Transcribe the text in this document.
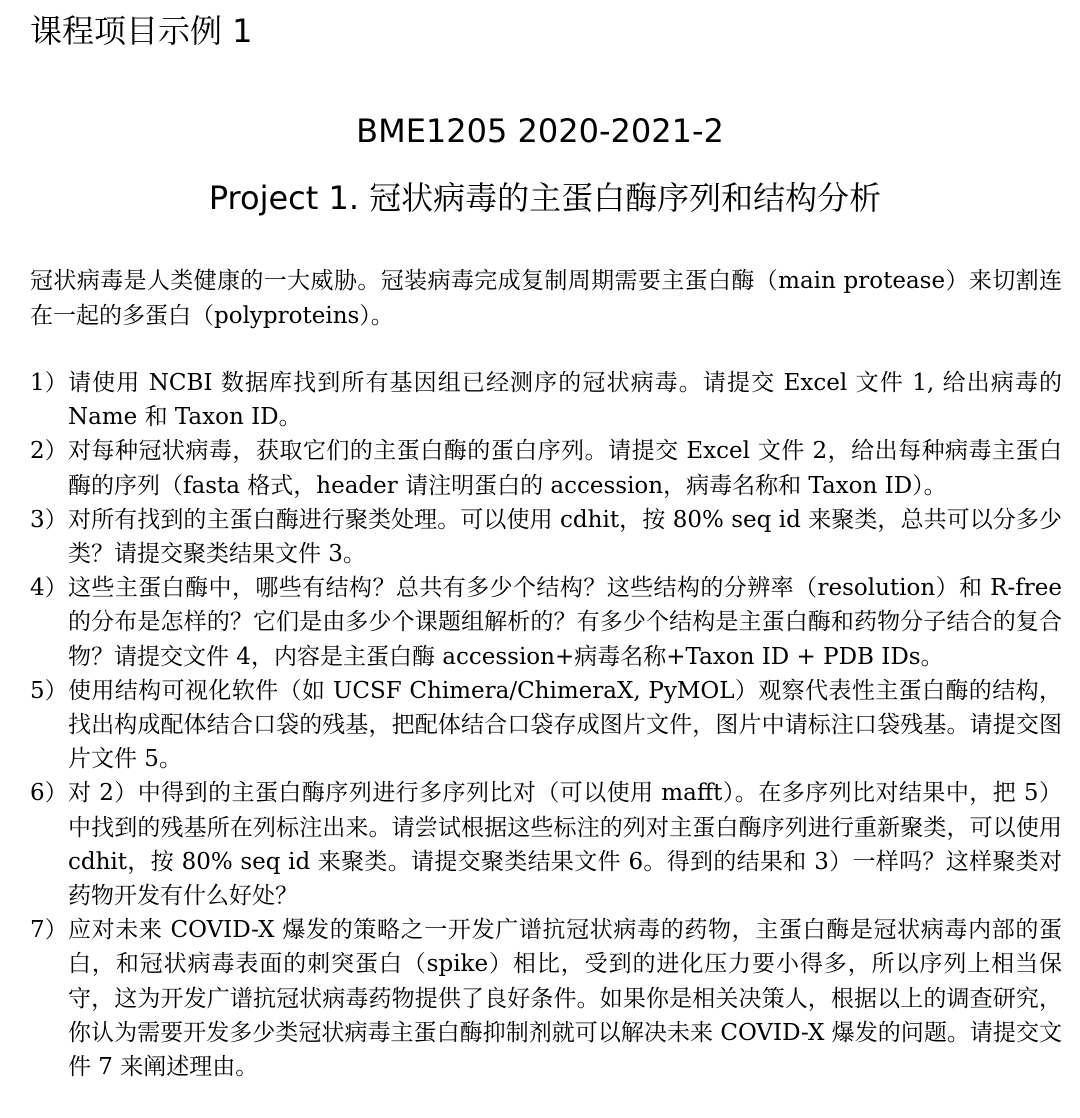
课程项目示例 1
BME1205 2020-2021-2
Project 1. 冠状病毒的主蛋白酶序列和结构分析

冠状病毒是人类健康的一大威胁。冠装病毒完成复制周期需要主蛋白酶（main protease）来切割连在一起的多蛋白（polyproteins）。

1） 请使用 NCBI 数据库找到所有基因组已经测序的冠状病毒。请提交 Excel 文件 1, 给出病毒的 Name 和 Taxon ID。
2） 对每种冠状病毒，获取它们的主蛋白酶的蛋白序列。请提交 Excel 文件 2，给出每种病毒主蛋白酶的序列（fasta 格式，header 请注明蛋白的 accession，病毒名称和 Taxon ID）。
3） 对所有找到的主蛋白酶进行聚类处理。可以使用 cdhit，按 80% seq id 来聚类，总共可以分多少类？请提交聚类结果文件 3。
4） 这些主蛋白酶中，哪些有结构？总共有多少个结构？这些结构的分辨率（resolution）和 R-free 的分布是怎样的？它们是由多少个课题组解析的？有多少个结构是主蛋白酶和药物分子结合的复合物？请提交文件 4，内容是主蛋白酶 accession+病毒名称+Taxon ID + PDB IDs。
5） 使用结构可视化软件（如 UCSF Chimera/ChimeraX, PyMOL）观察代表性主蛋白酶的结构，找出构成配体结合口袋的残基，把配体结合口袋存成图片文件，图片中请标注口袋残基。请提交图片文件 5。
6） 对 2）中得到的主蛋白酶序列进行多序列比对（可以使用 mafft）。在多序列比对结果中，把 5）中找到的残基所在列标注出来。请尝试根据这些标注的列对主蛋白酶序列进行重新聚类，可以使用 cdhit，按 80% seq id 来聚类。请提交聚类结果文件 6。得到的结果和 3）一样吗？这样聚类对药物开发有什么好处？
7） 应对未来 COVID-X 爆发的策略之一开发广谱抗冠状病毒的药物，主蛋白酶是冠状病毒内部的蛋白，和冠状病毒表面的刺突蛋白（spike）相比，受到的进化压力要小得多，所以序列上相当保守，这为开发广谱抗冠状病毒药物提供了良好条件。如果你是相关决策人，根据以上的调查研究，你认为需要开发多少类冠状病毒主蛋白酶抑制剂就可以解决未来 COVID-X 爆发的问题。请提交文件 7 来阐述理由。
